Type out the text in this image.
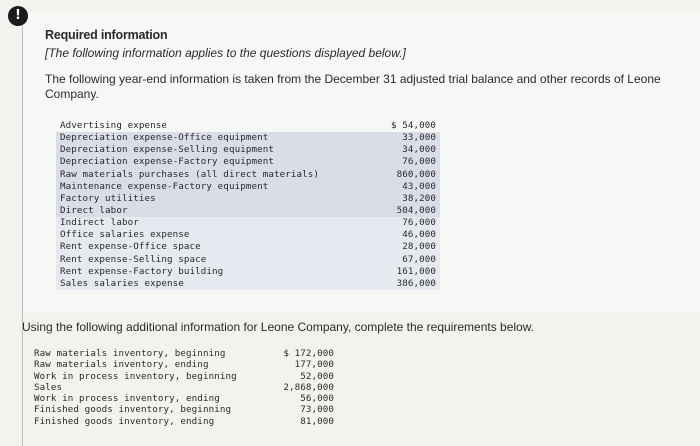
!
Required information
[The following information applies to the questions displayed below.]
The following year-end information is taken from the December 31 adjusted trial balance and other records of Leone Company.
Advertising expense	$ 54,000
Depreciation expense-Office equipment	33,000
Depreciation expense-Selling equipment	34,000
Depreciation expense-Factory equipment	76,000
Raw materials purchases (all direct materials)	860,000
Maintenance expense-Factory equipment	43,000
Factory utilities	38,200
Direct labor	504,000
Indirect labor	76,000
Office salaries expense	46,000
Rent expense-Office space	28,000
Rent expense-Selling space	67,000
Rent expense-Factory building	161,000
Sales salaries expense	386,000
Using the following additional information for Leone Company, complete the requirements below.
Raw materials inventory, beginning	$ 172,000
Raw materials inventory, ending	177,000
Work in process inventory, beginning	52,000
Sales	2,868,000
Work in process inventory, ending	56,000
Finished goods inventory, beginning	73,000
Finished goods inventory, ending	81,000
